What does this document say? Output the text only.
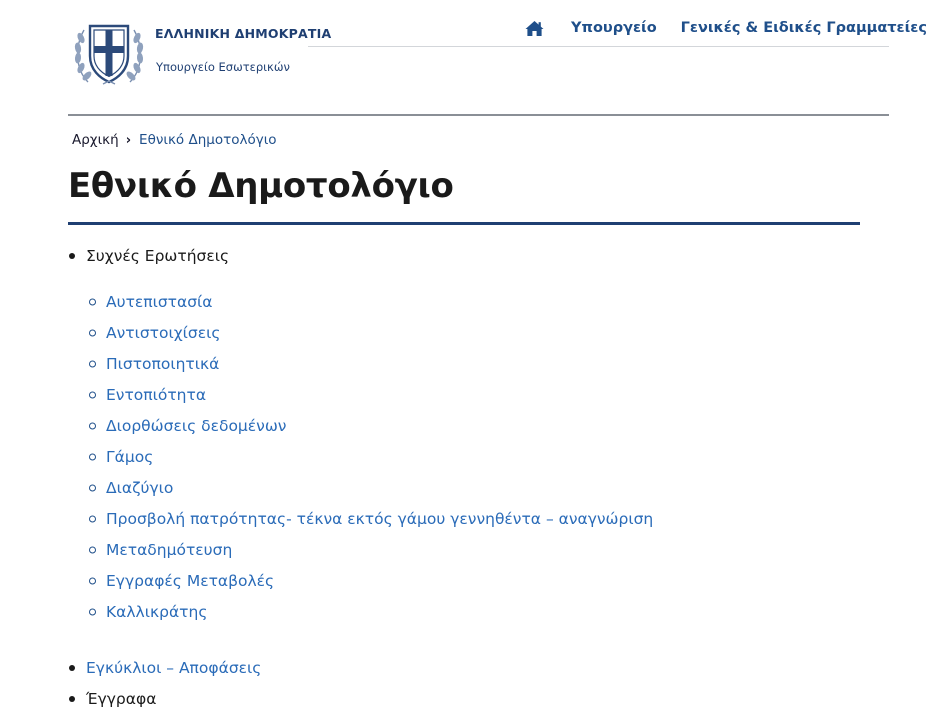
ΕΛΛΗΝΙΚΗ ΔΗΜΟΚΡΑΤΙΑ
Υπουργείο Εσωτερικών
Υπουργείο Γενικές & Ειδικές Γραμματείες
Αρχική › Εθνικό Δημοτολόγιο
Εθνικό Δημοτολόγιο
Συχνές Ερωτήσεις
Αυτεπιστασία
Αντιστοιχίσεις
Πιστοποιητικά
Εντοπιότητα
Διορθώσεις δεδομένων
Γάμος
Διαζύγιο
Προσβολή πατρότητας- τέκνα εκτός γάμου γεννηθέντα – αναγνώριση
Μεταδημότευση
Εγγραφές Μεταβολές
Καλλικράτης
Εγκύκλιοι – Αποφάσεις
Έγγραφα
